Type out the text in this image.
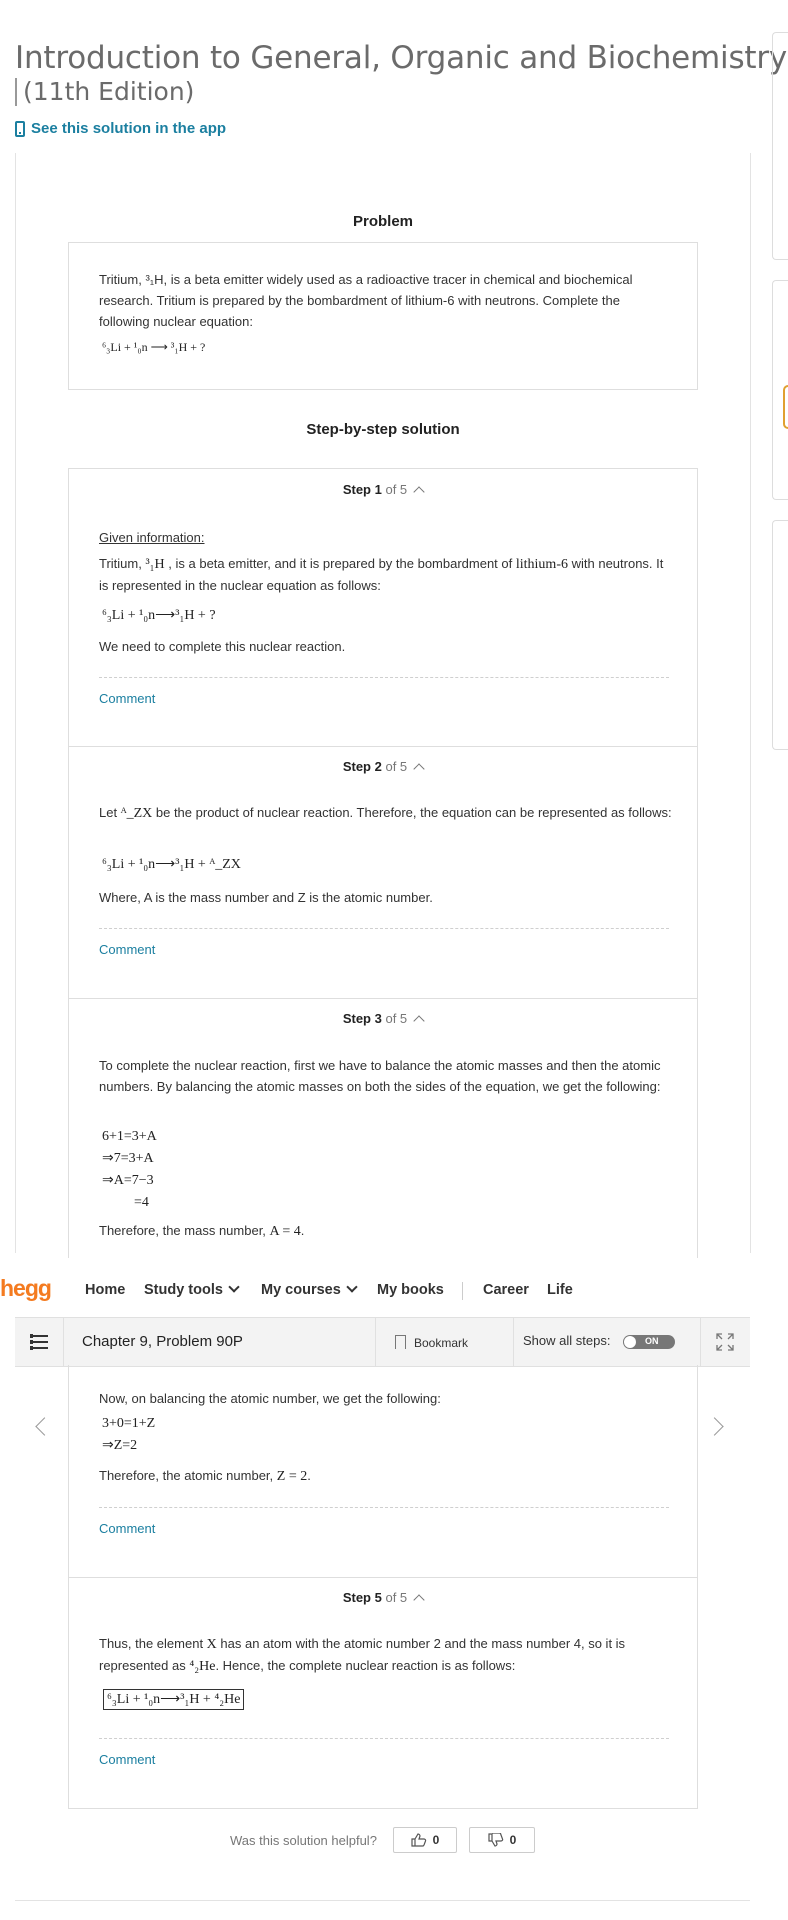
Introduction to General, Organic and Biochemistry
(11th Edition)
See this solution in the app
Problem
Tritium, ³₁H, is a beta emitter widely used as a radioactive tracer in chemical and biochemical research. Tritium is prepared by the bombardment of lithium-6 with neutrons. Complete the following nuclear equation:
⁶₃Li + ¹₀n ⟶ ³₁H + ?
Step-by-step solution
Step 1 of 5
Given information:
Tritium, ³₁H , is a beta emitter, and it is prepared by the bombardment of lithium-6 with neutrons. It is represented in the nuclear equation as follows:
⁶₃Li + ¹₀n⟶³₁H + ?
We need to complete this nuclear reaction.
Comment
Step 2 of 5
Let ᴬ_ZX be the product of nuclear reaction. Therefore, the equation can be represented as follows:
⁶₃Li + ¹₀n⟶³₁H + ᴬ_ZX
Where, A is the mass number and Z is the atomic number.
Comment
Step 3 of 5
To complete the nuclear reaction, first we have to balance the atomic masses and then the atomic numbers. By balancing the atomic masses on both the sides of the equation, we get the following:
6+1=3+A
⇒7=3+A
⇒A=7−3
=4
Therefore, the mass number, A = 4.
hegg Home Study tools	My courses My books	Career Life
Chapter 9, Problem 90P	Bookmark	Show all steps:	ON
Now, on balancing the atomic number, we get the following:
3+0=1+Z
⇒Z=2
Therefore, the atomic number, Z = 2.
Comment
Step 5 of 5
Thus, the element X has an atom with the atomic number 2 and the mass number 4, so it is represented as ⁴₂He. Hence, the complete nuclear reaction is as follows:
⁶₃Li + ¹₀n⟶³₁H + ⁴₂He
Comment
Was this solution helpful?	0	0
